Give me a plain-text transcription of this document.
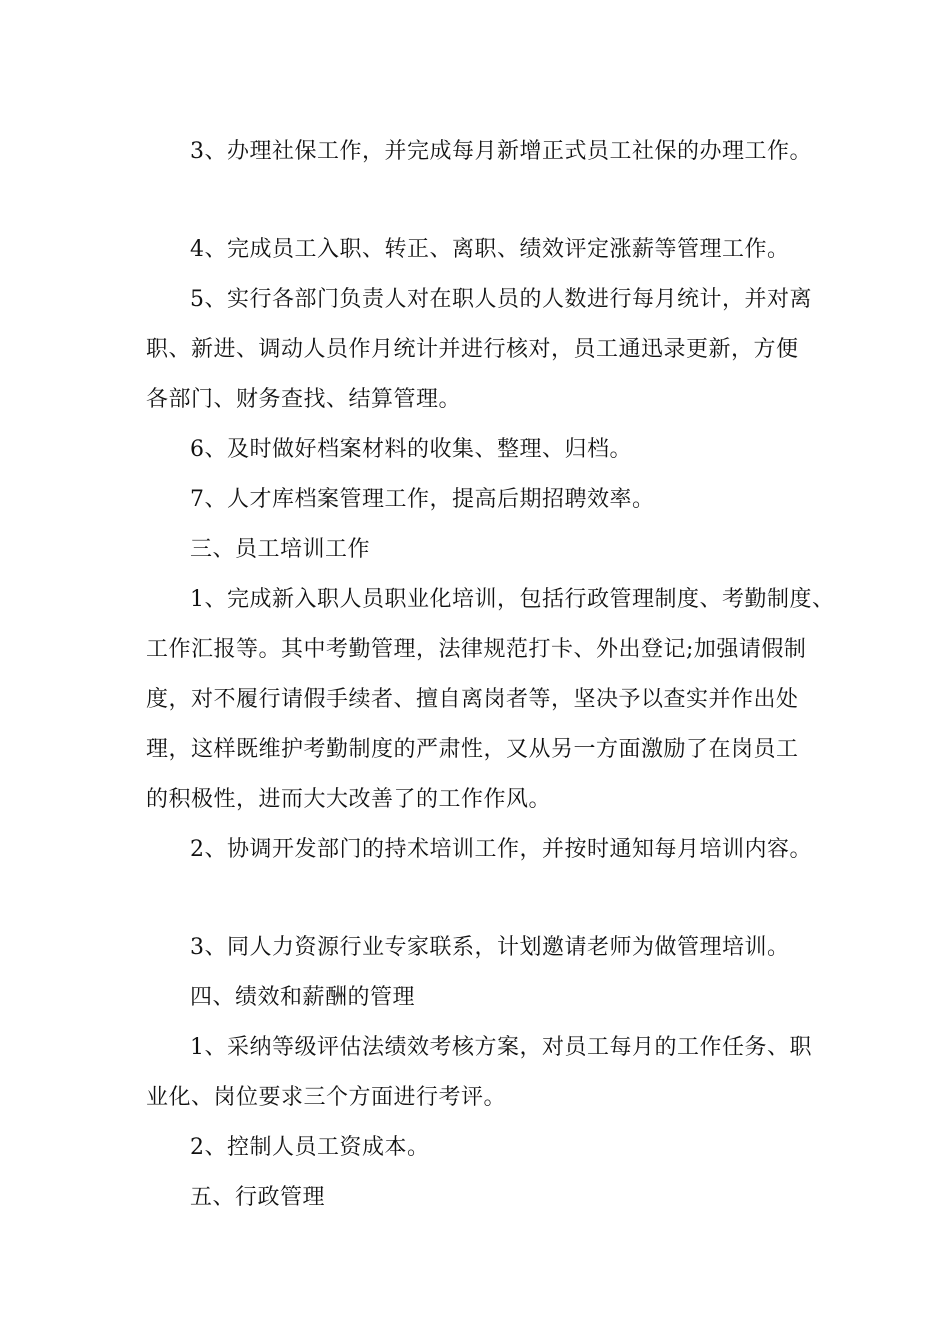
3、办理社保工作，并完成每月新增正式员工社保的办理工作。
4、完成员工入职、转正、离职、绩效评定涨薪等管理工作。
5、实行各部门负责人对在职人员的人数进行每月统计，并对离
职、新进、调动人员作月统计并进行核对，员工通迅录更新，方便
各部门、财务查找、结算管理。
6、及时做好档案材料的收集、整理、归档。
7、人才库档案管理工作，提高后期招聘效率。
三、员工培训工作
1、完成新入职人员职业化培训，包括行政管理制度、考勤制度、
工作汇报等。其中考勤管理，法律规范打卡、外出登记;加强请假制
度，对不履行请假手续者、擅自离岗者等，坚决予以查实并作出处
理，这样既维护考勤制度的严肃性，又从另一方面激励了在岗员工
的积极性，进而大大改善了的工作作风。
2、协调开发部门的持术培训工作，并按时通知每月培训内容。
3、同人力资源行业专家联系，计划邀请老师为做管理培训。
四、绩效和薪酬的管理
1、采纳等级评估法绩效考核方案，对员工每月的工作任务、职
业化、岗位要求三个方面进行考评。
2、控制人员工资成本。
五、行政管理
